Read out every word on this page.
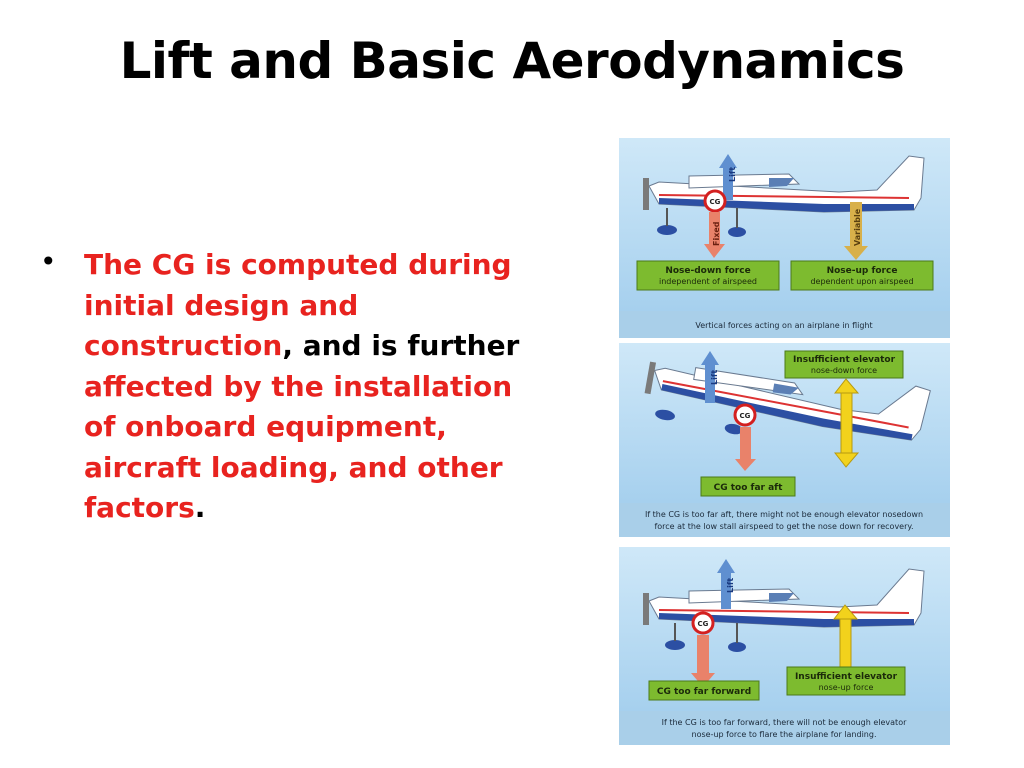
Lift and Basic Aerodynamics
• The CG is computed during initial design and construction, and is further affected by the installation of onboard equipment, aircraft loading, and other factors.

Lift
CG
Fixed	Variable
Nose-down force
independent of airspeed
Nose-up force
dependent upon airspeed
Vertical forces acting on an airplane in flight
Lift
CG
Insufficient elevator
nose-down force
CG too far aft
If the CG is too far aft, there might not be enough elevator nosedown
force at the low stall airspeed to get the nose down for recovery.
Lift
CG
CG too far forward
Insufficient elevator
nose-up force
If the CG is too far forward, there will not be enough elevator
nose-up force to flare the airplane for landing.
